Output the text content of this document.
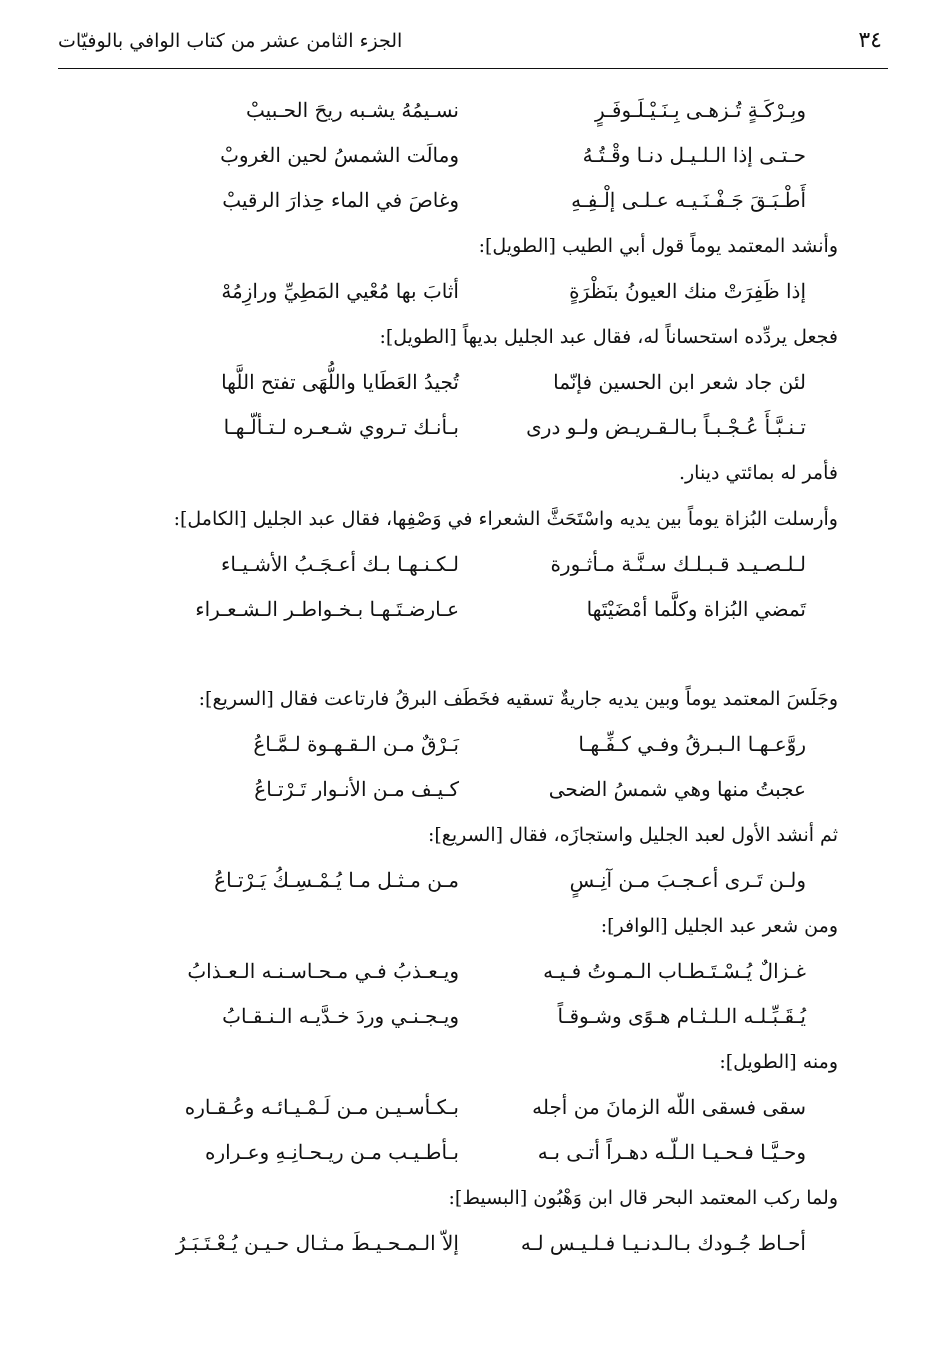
٣٤
الجزء الثامن عشر من كتاب الوافي بالوفيّات
وبِـرْكَـةٍ تُـزهـى بِـنَـيْـلَـوفَـرٍ
نسـيمُهُ يشـبه ريحَ الحـبيبْ
حـتـى إذا الـلـيـل دنـا وقْـتُـهُ
ومالَت الشمسُ لحين الغروبْ
أَطْـبَـقَ جَـفْـنَـيـه عـلـى إلْـفِـهِ
وغاصَ في الماء حِذارَ الرقيبْ
وأنشد المعتمد يوماً قول أبي الطيب [الطويل]:
إذا ظَفِرَتْ منك العيونُ بنَظْرَةٍ
أثابَ بها مُعْيي المَطِيِّ ورازِمُهْ
فجعل يردِّده استحساناً له، فقال عبد الجليل بديهاً [الطويل]:
لئن جاد شعر ابن الحسين فإنّما
تُجيدُ العَطَايا واللُّهَى تفتح اللَّها
تـنـبَّـأَ عُـجْـبـاً بـالـقـريـض ولـو درى
بـأنـك تـروي شـعـره لـتـألّـهـا
فأمر له بمائتي دينار.
وأرسلت البُزاة يوماً بين يديه واسْتَحَثَّ الشعراء في وَصْفِها، فقال عبد الجليل [الكامل]:
لـلـصـيـد قـبـلـك سـنَّـة مـأثـورة
لـكـنـهـا بـك أعـجَـبُ الأشـيـاء
تَمضي البُزاة وكلَّما أمْضَيْتَها
عـارضـتَـهـا بـخـواطـر الـشـعـراء
وجَلَسَ المعتمد يوماً وبين يديه جاريةٌ تسقيه فخَطَف البرقُ فارتاعت فقال [السريع]:
روَّعـهـا الـبـرقُ وفـي كـفِّـهـا
بَـرْقٌ مـن الـقـهـوة لـمَّـاعُ
عجبتُ منها وهي شمسُ الضحى
كـيـف مـن الأنـوار تَـرْتـاعُ
ثم أنشد الأول لعبد الجليل واستجازَه، فقال [السريع]:
ولـن تَـرى أعـجـبَ مـن آنِـسٍ
مـن مـثـل مـا يُـمْـسِـكُ يَـرْتـاعُ
ومن شعر عبد الجليل [الوافر]:
غـزالٌ يُـسْـتَـطـاب الـمـوتُ فـيـه
ويـعـذبُ فـي مـحـاسـنـه الـعـذابُ
يُـقَـبِّـلـه الـلـثـام هـوًى وشـوقـاً
ويـجـنـي وردَ خـدَّيـه الـنـقـابُ
ومنه [الطويل]:
سقى فسقى اللّه الزمانَ من أجله
بـكـأسـيـن مـن لَـمْـيـائـه وعُـقـاره
وحـيَّـا فـحـيـا الـلّـه دهـراً أتـى بـه
بـأطـيـب مـن ريـحـانِـهِ وعـراره
ولما ركب المعتمد البحر قال ابن وَهْبُون [البسيط]:
أحـاط جُـودك بـالـدنـيـا فـلـيـس لـه
إلاّ الـمـحـيـطَ مـثـال حـيـن يُـعْـتَـبَـرُ
